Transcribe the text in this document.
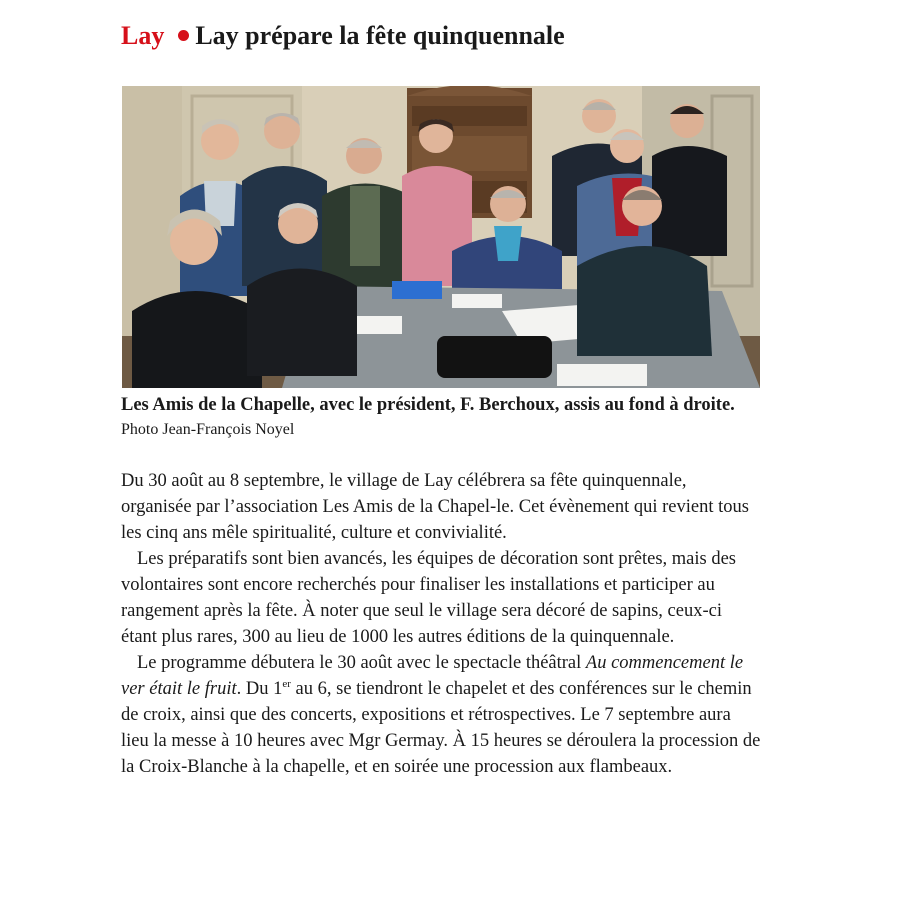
Lay Lay prépare la fête quinquennale
Les Amis de la Chapelle, avec le président, F. Berchoux, assis au fond à droite. Photo Jean-François Noyel

Du 30 août au 8 septembre, le village de Lay célébrera sa fête quinquennale, organisée par l’association Les Amis de la Chapel-le. Cet évènement qui revient tous les cinq ans mêle spiritualité, culture et convivialité.

Les préparatifs sont bien avancés, les équipes de décoration sont prêtes, mais des volontaires sont encore recherchés pour finaliser les installations et participer au rangement après la fête. À noter que seul le village sera décoré de sapins, ceux-ci étant plus rares, 300 au lieu de 1000 les autres éditions de la quinquennale.

Le programme débutera le 30 août avec le spectacle théâtral Au commencement le ver était le fruit. Du 1er au 6, se tiendront le chapelet et des conférences sur le chemin de croix, ainsi que des concerts, expositions et rétrospectives. Le 7 septembre aura lieu la messe à 10 heures avec Mgr Germay. À 15 heures se déroulera la procession de la Croix-Blanche à la chapelle, et en soirée une procession aux flambeaux.
